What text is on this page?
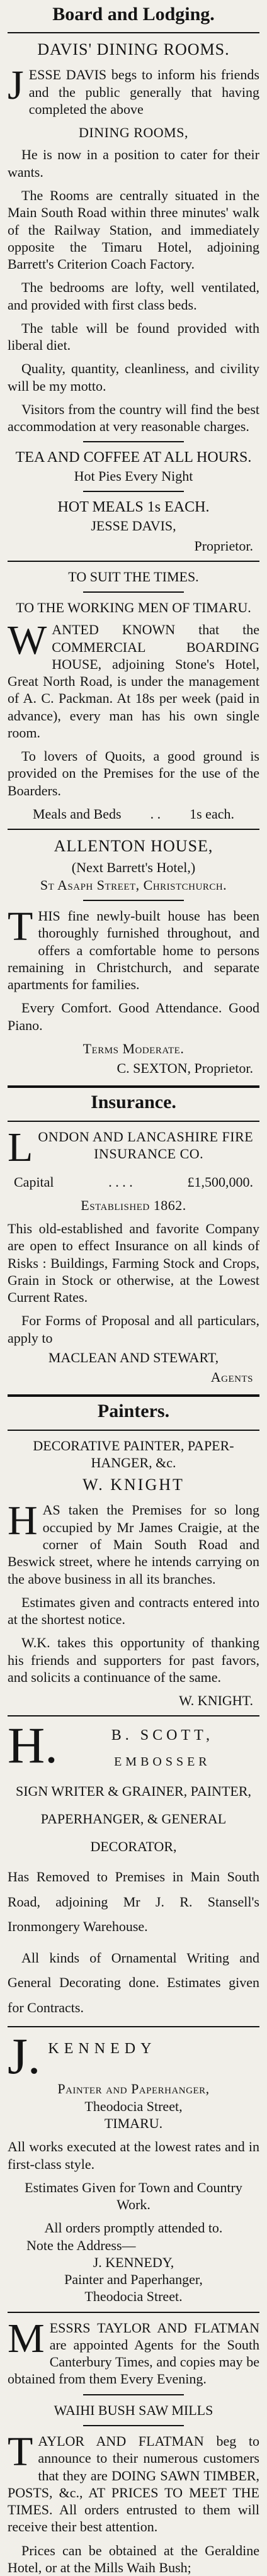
Board and Lodging.
DAVIS' DINING ROOMS.

JESSE DAVIS begs to inform his friends and the public generally that having completed the above

DINING ROOMS,

He is now in a position to cater for their wants.

The Rooms are centrally situated in the Main South Road within three minutes' walk of the Railway Station, and immediately opposite the Timaru Hotel, adjoining Barrett's Criterion Coach Factory.

The bedrooms are lofty, well ventilated, and provided with first class beds.

The table will be found provided with liberal diet.

Quality, quantity, cleanliness, and civility will be my motto.

Visitors from the country will find the best accommodation at very reasonable charges.

TEA AND COFFEE AT ALL HOURS.
Hot Pies Every Night
HOT MEALS 1s EACH.
JESSE DAVIS,
Proprietor.
TO SUIT THE TIMES.
TO THE WORKING MEN OF TIMARU.

WANTED KNOWN that the COMMERCIAL BOARDING HOUSE, adjoining Stone's Hotel, Great North Road, is under the management of A. C. Packman. At 18s per week (paid in advance), every man has his own single room.

To lovers of Quoits, a good ground is provided on the Premises for the use of the Boarders.

Meals and Beds . . 1s each.
ALLENTON HOUSE,
(Next Barrett's Hotel,)
St Asaph Street, Christchurch.

THIS fine newly-built house has been thoroughly furnished throughout, and offers a comfortable home to persons remaining in Christchurch, and separate apartments for families.

Every Comfort. Good Attendance. Good Piano.

Terms Moderate.
C. SEXTON, Proprietor.
Insurance.
L ONDON AND LANCASHIRE FIRE
INSURANCE CO.
Capital	. . . .	£1,500,000.
Established 1862.

This old-established and favorite Company are open to effect Insurance on all kinds of Risks : Buildings, Farming Stock and Crops, Grain in Stock or otherwise, at the Lowest Current Rates.

For Forms of Proposal and all particulars, apply to

MACLEAN AND STEWART,
Agents
Painters.
DECORATIVE PAINTER, PAPER-HANGER, &c.
W. KNIGHT

HAS taken the Premises for so long occupied by Mr James Craigie, at the corner of Main South Road and Beswick street, where he intends carrying on the above business in all its branches.

Estimates given and contracts entered into at the shortest notice.

W.K. takes this opportunity of thanking his friends and supporters for past favors, and solicits a continuance of the same.

W. KNIGHT.
H.	B. SCOTT,
EMBOSSER
SIGN WRITER & GRAINER, PAINTER,
PAPERHANGER, & GENERAL
DECORATOR,

Has Removed to Premises in Main South Road, adjoining Mr J. R. Stansell's Ironmongery Warehouse.

All kinds of Ornamental Writing and General Decorating done. Estimates given for Contracts.

J. KENNEDY
Painter and Paperhanger,
Theodocia Street,
TIMARU.

All works executed at the lowest rates and in first-class style.

Estimates Given for Town and Country Work.

All orders promptly attended to.
Note the Address—
J. KENNEDY,
Painter and Paperhanger,
Theodocia Street.

MESSRS TAYLOR AND FLATMAN are appointed Agents for the South Canterbury Times, and copies may be obtained from them Every Evening.

WAIHI BUSH SAW MILLS

TAYLOR AND FLATMAN beg to announce to their numerous customers that they are DOING SAWN TIMBER, POSTS, &c., AT PRICES TO MEET THE TIMES. All orders entrusted to them will receive their best attention.

Prices can be obtained at the Geraldine Hotel, or at the Mills Waih Bush;
